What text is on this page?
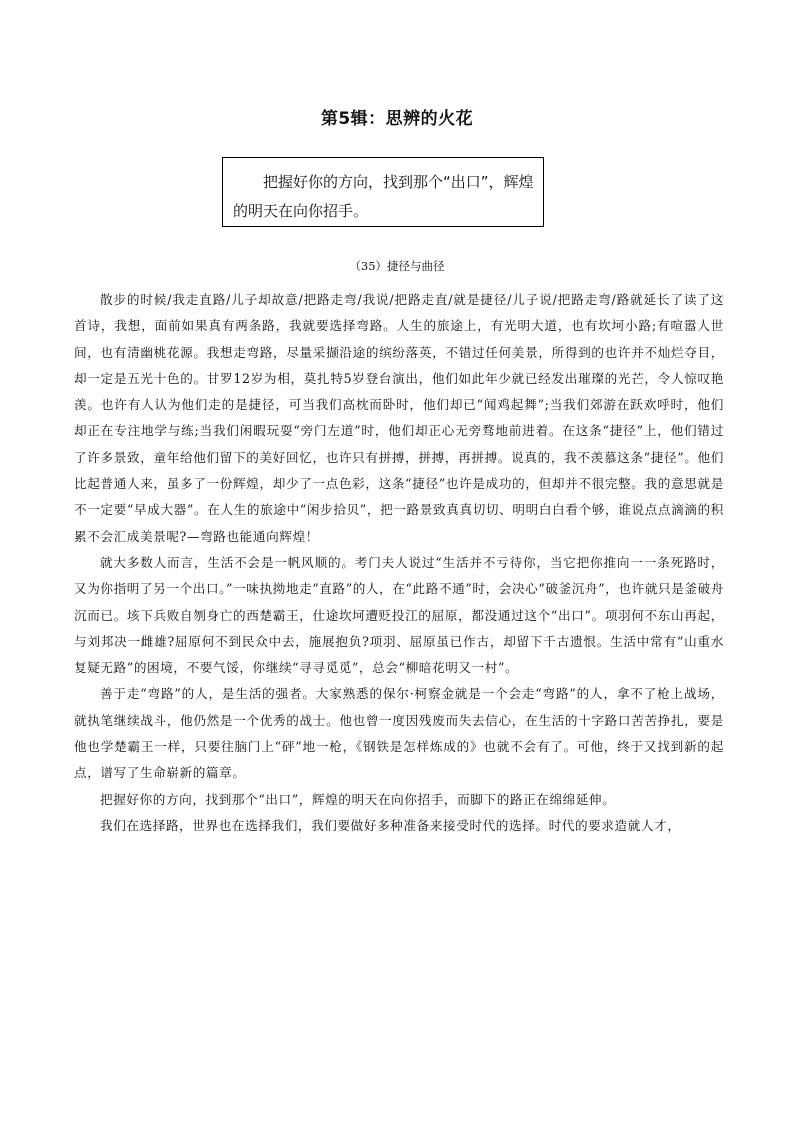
第5辑：思辨的火花
把握好你的方向，找到那个“出口”，辉煌的明天在向你招手。
（35）捷径与曲径

散步的时候/我走直路/儿子却故意/把路走弯/我说/把路走直/就是捷径/儿子说/把路走弯/路就延长了读了这首诗，我想，面前如果真有两条路，我就要选择弯路。人生的旅途上，有光明大道，也有坎坷小路;有喧嚣人世间，也有清幽桃花源。我想走弯路，尽量采撷沿途的缤纷落英，不错过任何美景，所得到的也许并不灿烂夺目，却一定是五光十色的。甘罗12岁为相，莫扎特5岁登台演出，他们如此年少就已经发出璀璨的光芒，令人惊叹艳羡。也许有人认为他们走的是捷径，可当我们高枕而卧时，他们却已“闻鸡起舞”;当我们郊游在跃欢呼时，他们却正在专注地学与练;当我们闲暇玩耍“旁门左道”时，他们却正心无旁骛地前进着。在这条“捷径”上，他们错过了许多景致，童年给他们留下的美好回忆，也许只有拼搏，拼搏，再拼搏。说真的，我不羡慕这条“捷径”。他们比起普通人来，虽多了一份辉煌，却少了一点色彩，这条“捷径”也许是成功的，但却并不很完整。我的意思就是不一定要“早成大器”。在人生的旅途中“闲步拾贝”，把一路景致真真切切、明明白白看个够，谁说点点滴滴的积累不会汇成美景呢?—弯路也能通向辉煌！

就大多数人而言，生活不会是一帆风顺的。考门夫人说过“生活并不亏待你，当它把你推向一一条死路时，又为你指明了另一个出口。”一味执拗地走“直路”的人，在“此路不通”时，会决心“破釜沉舟”，也许就只是釜破舟沉而已。垓下兵败自刎身亡的西楚霸王，仕途坎坷遭贬投江的屈原，都没通过这个“出口”。项羽何不东山再起，与刘邦决一雌雄?屈原何不到民众中去，施展抱负?项羽、屈原虽已作古，却留下千古遗恨。生活中常有“山重水复疑无路”的困境，不要气馁，你继续“寻寻觅觅”，总会“柳暗花明又一村”。

善于走“弯路”的人，是生活的强者。大家熟悉的保尔·柯察金就是一个会走“弯路”的人，拿不了枪上战场，就执笔继续战斗，他仍然是一个优秀的战士。他也曾一度因残废而失去信心，在生活的十字路口苦苦挣扎，要是他也学楚霸王一样，只要往脑门上“砰”地一枪，《钢铁是怎样炼成的》也就不会有了。可他，终于又找到新的起点，谱写了生命崭新的篇章。

把握好你的方向，找到那个“出口”，辉煌的明天在向你招手，而脚下的路正在绵绵延伸。

我们在选择路，世界也在选择我们，我们要做好多种准备来接受时代的选择。时代的要求造就人才，
